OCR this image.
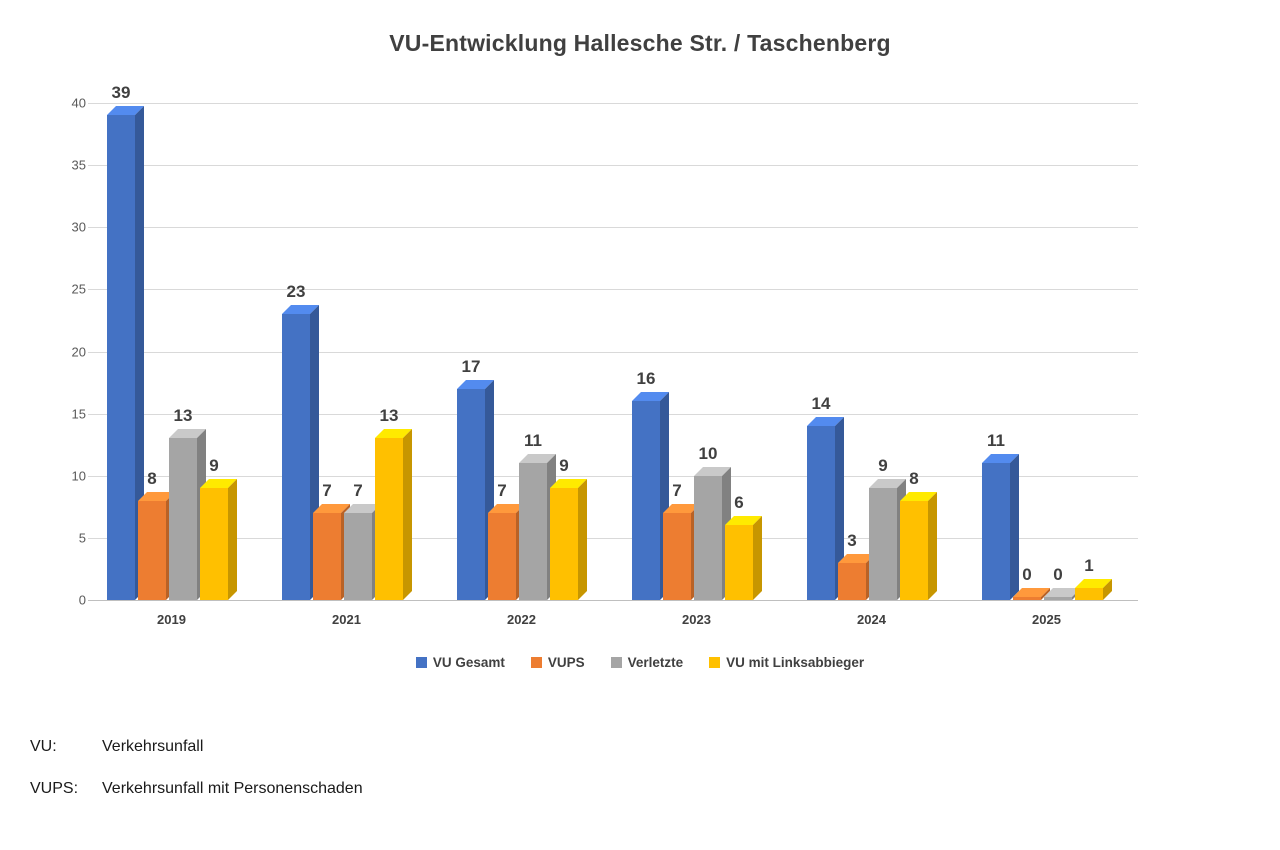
VU-Entwicklung Hallesche Str. / Taschenberg
0
5
10
15
20
25
30
35
40
39
8
13
9
23
7 7
13
17
7
11
9
16
7
10
6
14
3
9
8
11
0 0 1
2019	2021	2022	2023	2024	2025
VU Gesamt	VUPS	Verletzte	VU mit Linksabbieger
VU:	Verkehrsunfall
VUPS:	Verkehrsunfall mit Personenschaden
